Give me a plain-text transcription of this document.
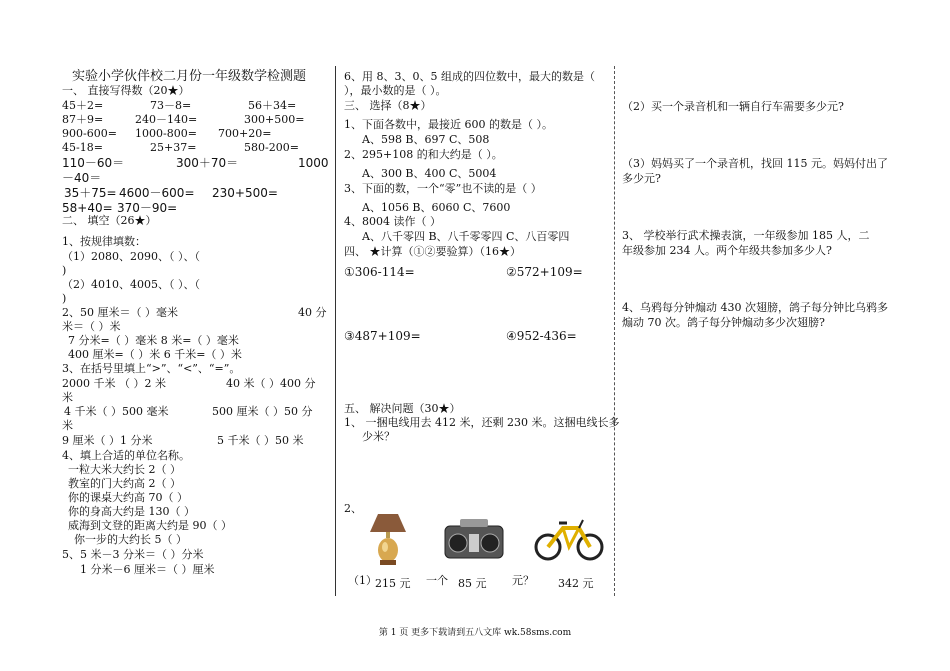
实验小学伙伴校二月份一年级数学检测题
一、 直接写得数（20★）
45＋2=	73－8=	56＋34=
87＋9=	240－140=	300+500=
900-600= 1000-800= 700+20=
45-18=	25+37=	580-200=
110－60＝	300＋70＝	1000
－40＝
35＋75= 4600－600= 230+500=
58+40= 370－90=
二、 填空（26★）
1、按规律填数：
（1）2080、2090、（ ）、（
)
（2）4010、4005、（ ）、（
)
2、50 厘米＝（ ）毫米	40 分
米＝（ ）米
7 分米=（ ）毫米 8 米=（ ）毫米
400 厘米=（ ）米 6 千米=（ ）米
3、在括号里填上“>”、“<”、“=”。
2000 千米 （ ）2 米	40 米（ ）400 分
米
4 千米（ ）500 毫米	500 厘米（ ）50 分
米
9 厘米（ ）1 分米	5 千米（ ）50 米
4、填上合适的单位名称。
一粒大米大约长 2（ ）
教室的门大约高 2（ ）
你的课桌大约高 70（ ）
你的身高大约是 130（ ）
威海到文登的距离大约是 90（ ）
你一步的大约长 5（ ）
5、5 米－3 分米＝（ ）分米
1 分米－6 厘米＝（ ）厘米
6、用 8、3、0、5 组成的四位数中，最大的数是（
），最小数的是（ ）。
三、 选择（8★）
1、下面各数中，最接近 600 的数是（ ）。
A、598 B、697 C、508
2、295+108 的和大约是（ ）。
A、300 B、400 C、5004
3、下面的数，一个“零”也不读的是（ ）
A、1056 B、6060 C、7600
4、8004 读作（ ）
A、八千零四 B、八千零零四 C、八百零四
四、 ★计算（①②要验算）（16★）
①306-114=	②572+109=
③487+109=	④952-436=
五、 解决问题（30★）
1、 一捆电线用去 412 米，还剩 230 米。这捆电线长多
少米？
2、
（1）
215 元 一个 85 元 元？ 342 元
（2）买一个录音机和一辆自行车需要多少元?
（3）妈妈买了一个录音机，找回 115 元。妈妈付出了
多少元?
3、 学校举行武术操表演，一年级参加 185 人，二
年级参加 234 人。两个年级共参加多少人?
4、乌鸦每分钟煽动 430 次翅膀，鸽子每分钟比乌鸦多
煽动 70 次。鸽子每分钟煽动多少次翅膀?
第 1 页 更多下载请到五八文库 wk.58sms.com
